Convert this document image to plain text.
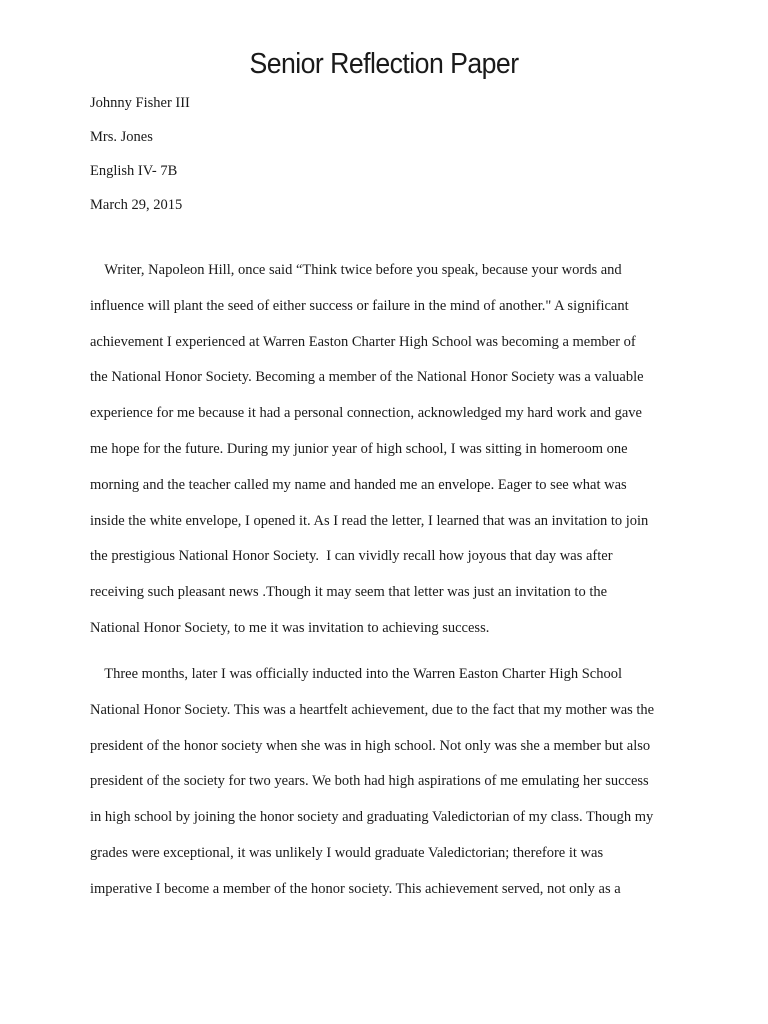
Senior Reflection Paper
Johnny Fisher III
Mrs. Jones
English IV- 7B
March 29, 2015
Writer, Napoleon Hill, once said “Think twice before you speak, because your words and
influence will plant the seed of either success or failure in the mind of another." A significant
achievement I experienced at Warren Easton Charter High School was becoming a member of
the National Honor Society. Becoming a member of the National Honor Society was a valuable
experience for me because it had a personal connection, acknowledged my hard work and gave
me hope for the future. During my junior year of high school, I was sitting in homeroom one
morning and the teacher called my name and handed me an envelope. Eager to see what was
inside the white envelope, I opened it. As I read the letter, I learned that was an invitation to join
the prestigious National Honor Society.  I can vividly recall how joyous that day was after
receiving such pleasant news .Though it may seem that letter was just an invitation to the
National Honor Society, to me it was invitation to achieving success.
Three months, later I was officially inducted into the Warren Easton Charter High School
National Honor Society. This was a heartfelt achievement, due to the fact that my mother was the
president of the honor society when she was in high school. Not only was she a member but also
president of the society for two years. We both had high aspirations of me emulating her success
in high school by joining the honor society and graduating Valedictorian of my class. Though my
grades were exceptional, it was unlikely I would graduate Valedictorian; therefore it was
imperative I become a member of the honor society. This achievement served, not only as a
